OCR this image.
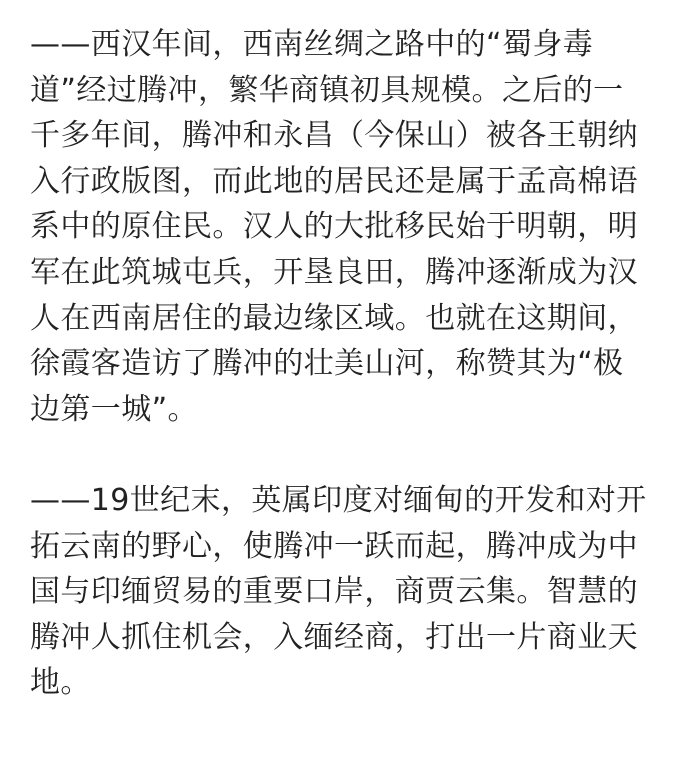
——西汉年间，西南丝绸之路中的“蜀身毒
道”经过腾冲，繁华商镇初具规模。之后的一
千多年间，腾冲和永昌（今保山）被各王朝纳
入行政版图，而此地的居民还是属于孟高棉语
系中的原住民。汉人的大批移民始于明朝，明
军在此筑城屯兵，开垦良田，腾冲逐渐成为汉
人在西南居住的最边缘区域。也就在这期间，
徐霞客造访了腾冲的壮美山河，称赞其为“极
边第一城”。

——19世纪末，英属印度对缅甸的开发和对开
拓云南的野心，使腾冲一跃而起，腾冲成为中
国与印缅贸易的重要口岸，商贾云集。智慧的
腾冲人抓住机会，入缅经商，打出一片商业天
地。
